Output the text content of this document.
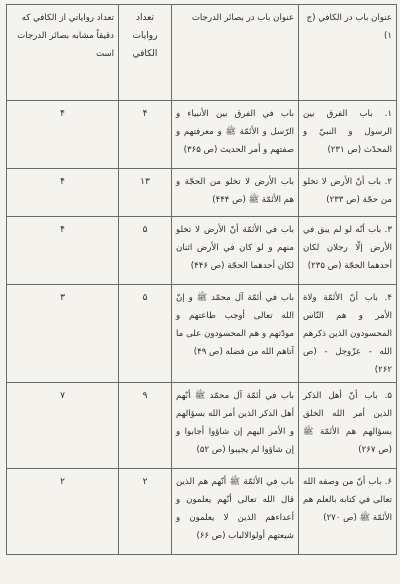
عنوان باب در الكافي (ج ۱)	عنوان باب در بصائر الدرجات	تعداد روايات الكافي	تعداد رواياتي از الكافي كه دقيقاً مشابه بصائر الدرجات است
۱. باب الفرق بين الرسول و النبيّ و المحدّث (ص ۲۳۱)	باب في الفرق بين الأنبياء و الرّسل و الأئمّة ﷺ و معرفتهم و صفتهم و أمر الحديث (ص ۳۶۵)	۴	۴
۲. باب أنّ الأرض لا تخلو من حجّة (ص ۲۳۳)	باب الأرض لا تخلو من الحجّة و هم الأئمّة ﷺ (ص ۴۴۴)	۱۳	۴
۳. باب أنّه لو لم يبق في الأرض إلّا رجلان لكان أحدهما الحجّة (ص ۲۳۵)	باب في الأئمّة أنّ الأرض لا تخلو منهم و لو كان في الأرض اثنان لكان أحدهما الحجّة (ص ۴۴۶)	۵	۴
۴. باب أنّ الأئمّة ولاة الأمر و هم النّاس المحسودون الذين ذكرهم الله - عزّوجل - (ص ۲۶۲)	باب في أئمّة آل محمّد ﷺ و إنّ الله تعالى أوجب طاعتهم و مودّتهم و هم المحسودون على ما آتاهم الله من فضله (ص ۴۹)	۵	۳
۵. باب أنّ أهل الذكر الذين أمر الله الخلق بسؤالهم هم الأئمّة ﷺ (ص ۲۶۷)	باب في أئمّة آل محمّد ﷺ أنّهم أهل الذكر الذين أمر الله بسؤالهم و الأمر اليهم إن شاؤوا أجابوا و إن شاؤوا لم يجيبوا (ص ۵۲)	۹	۷
۶. باب أنّ من وصفه الله تعالى في كتابه بالعلم هم الأئمّة ﷺ (ص ۲۷۰)	باب في الأئمّة ﷺ أنّهم هم الذين قال الله تعالى أنّهم يعلمون و أعداءهم الذين لا يعلمون و شيعتهم أولوالالباب (ص ۶۶)	۲	۲
